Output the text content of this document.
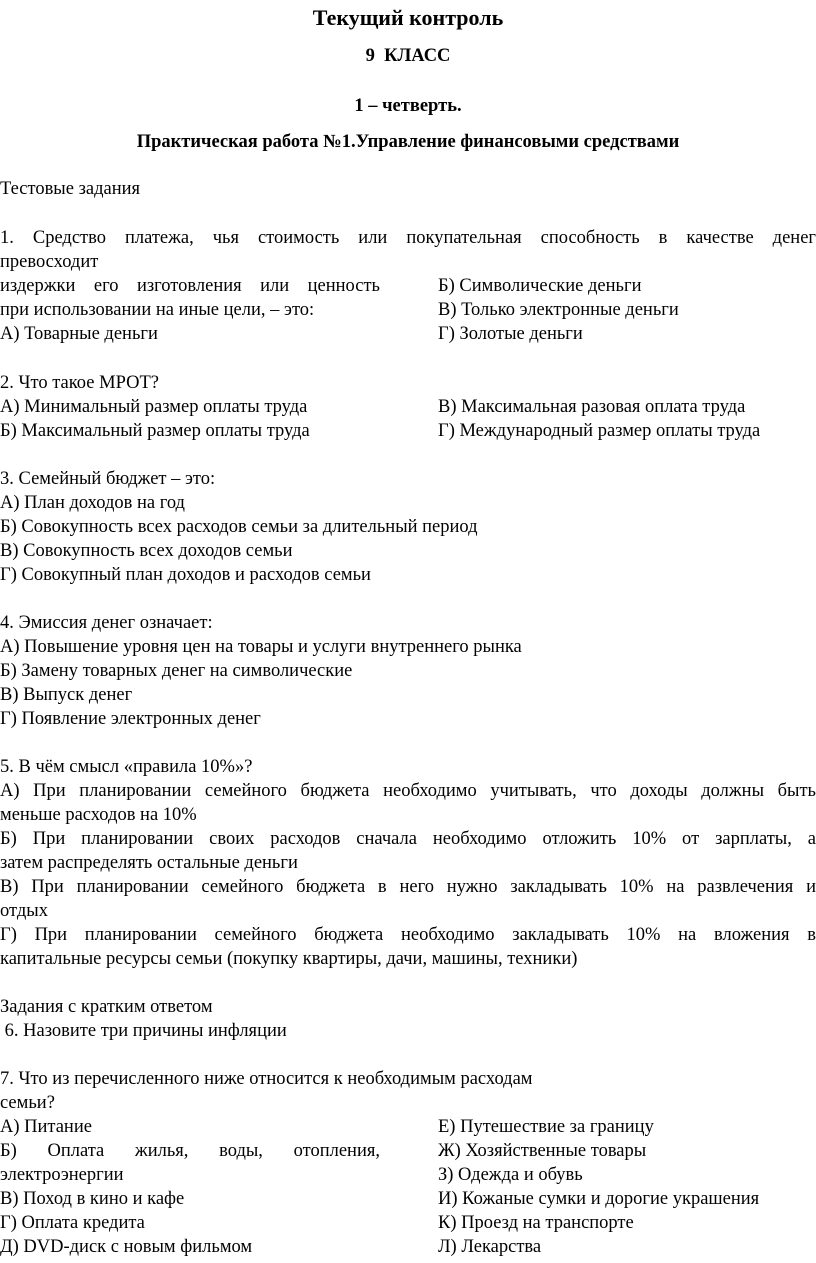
Текущий контроль
9  КЛАСС
1 – четверть.
Практическая работа №1.Управление финансовыми средствами
Тестовые задания
1. Средство платежа, чья стоимость или покупательная способность в качестве денег
превосходит
издержки его изготовления или ценность
при использовании на иные цели, – это:
А) Товарные деньги
Б) Символические деньги
В) Только электронные деньги
Г) Золотые деньги
2. Что такое МРОТ?
А) Минимальный размер оплаты труда
Б) Максимальный размер оплаты труда
В) Максимальная разовая оплата труда
Г) Международный размер оплаты труда
3. Семейный бюджет – это:
А) План доходов на год
Б) Совокупность всех расходов семьи за длительный период
В) Совокупность всех доходов семьи
Г) Совокупный план доходов и расходов семьи
4. Эмиссия денег означает:
А) Повышение уровня цен на товары и услуги внутреннего рынка
Б) Замену товарных денег на символические
В) Выпуск денег
Г) Появление электронных денег
5. В чём смысл «правила 10%»?
А) При планировании семейного бюджета необходимо учитывать, что доходы должны быть
меньше расходов на 10%
Б) При планировании своих расходов сначала необходимо отложить 10% от зарплаты, а
затем распределять остальные деньги
В) При планировании семейного бюджета в него нужно закладывать 10% на развлечения и
отдых
Г) При планировании семейного бюджета необходимо закладывать 10% на вложения в
капитальные ресурсы семьи (покупку квартиры, дачи, машины, техники)
Задания с кратким ответом
6. Назовите три причины инфляции
7. Что из перечисленного ниже относится к необходимым расходам
семьи?
А) Питание
Б) Оплата жилья, воды, отопления,
электроэнергии
В) Поход в кино и кафе
Г) Оплата кредита
Д) DVD-диск с новым фильмом
Е) Путешествие за границу
Ж) Хозяйственные товары
З) Одежда и обувь
И) Кожаные сумки и дорогие украшения
К) Проезд на транспорте
Л) Лекарства
